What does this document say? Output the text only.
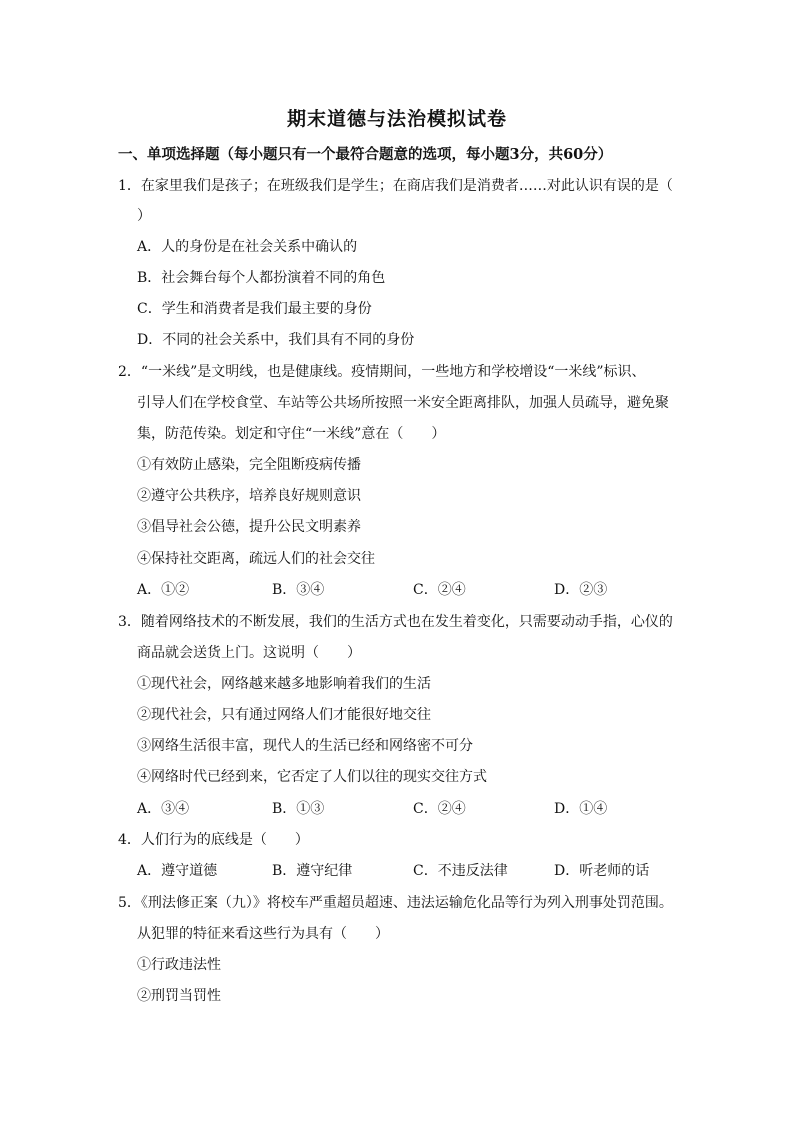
期末道德与法治模拟试卷
一、单项选择题（每小题只有一个最符合题意的选项，每小题3分，共60分）
1．在家里我们是孩子；在班级我们是学生；在商店我们是消费者……对此认识有误的是（
）
A．人的身份是在社会关系中确认的
B．社会舞台每个人都扮演着不同的角色
C．学生和消费者是我们最主要的身份
D．不同的社会关系中，我们具有不同的身份
2．“一米线”是文明线，也是健康线。疫情期间，一些地方和学校增设“一米线”标识、
引导人们在学校食堂、车站等公共场所按照一米安全距离排队，加强人员疏导，避免聚
集，防范传染。划定和守住“一米线”意在（　　）
①有效防止感染，完全阻断疫病传播
②遵守公共秩序，培养良好规则意识
③倡导社会公德，提升公民文明素养
④保持社交距离，疏远人们的社会交往
A．①②	B．③④	C．②④	D．②③
3．随着网络技术的不断发展，我们的生活方式也在发生着变化，只需要动动手指，心仪的
商品就会送货上门。这说明（　　）
①现代社会，网络越来越多地影响着我们的生活
②现代社会，只有通过网络人们才能很好地交往
③网络生活很丰富，现代人的生活已经和网络密不可分
④网络时代已经到来，它否定了人们以往的现实交往方式
A．③④	B．①③	C．②④	D．①④
4．人们行为的底线是（　　）
A．遵守道德	B．遵守纪律	C．不违反法律	D．听老师的话
5．《刑法修正案（九）》将校车严重超员超速、违法运输危化品等行为列入刑事处罚范围。
从犯罪的特征来看这些行为具有（　　）
①行政违法性
②刑罚当罚性
